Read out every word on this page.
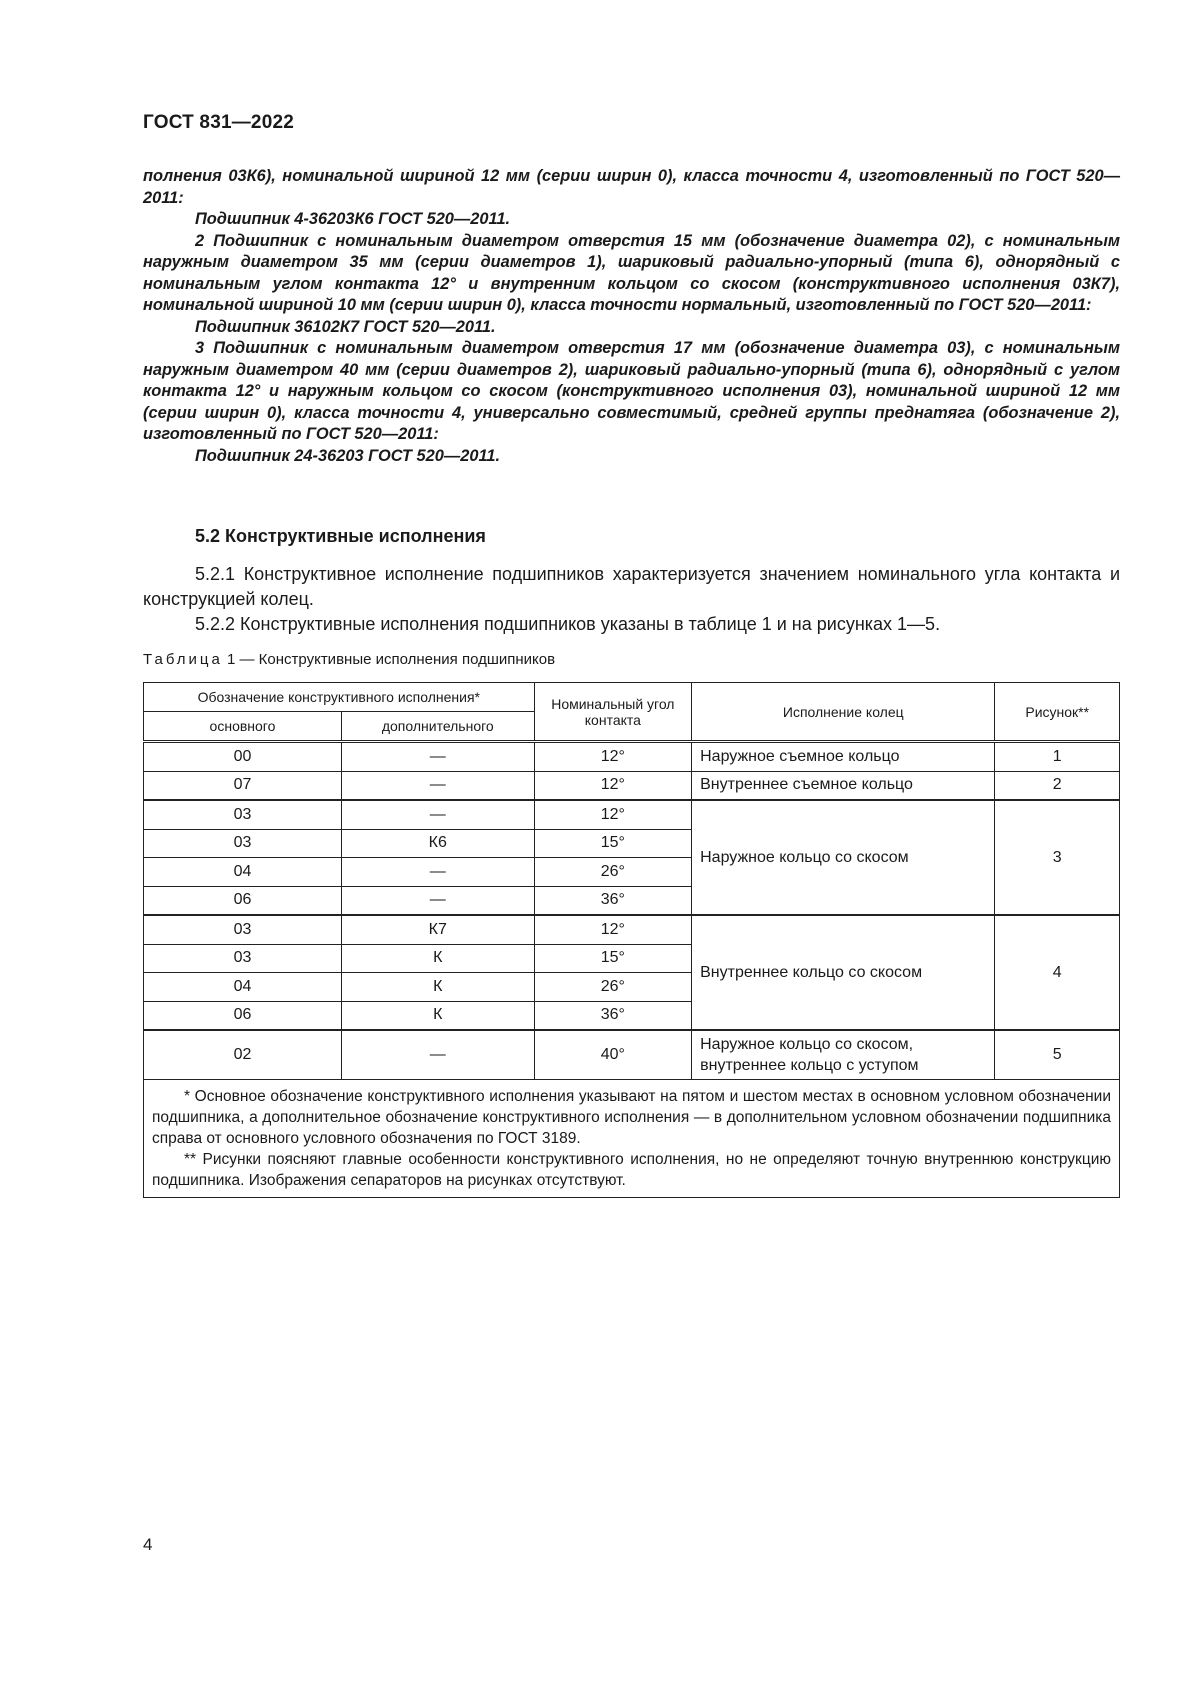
ГОСТ 831—2022

полнения 03К6), номинальной шириной 12 мм (серии ширин 0), класса точности 4, изготовленный по ГОСТ 520—2011:

Подшипник 4-36203К6 ГОСТ 520—2011.

2 Подшипник с номинальным диаметром отверстия 15 мм (обозначение диаметра 02), с номинальным наружным диаметром 35 мм (серии диаметров 1), шариковый радиально-упорный (типа 6), однорядный с номинальным углом контакта 12° и внутренним кольцом со скосом (конструктивного исполнения 03К7), номинальной шириной 10 мм (серии ширин 0), класса точности нормальный, изготовленный по ГОСТ 520—2011:

Подшипник 36102К7 ГОСТ 520—2011.

3 Подшипник с номинальным диаметром отверстия 17 мм (обозначение диаметра 03), с номинальным наружным диаметром 40 мм (серии диаметров 2), шариковый радиально-упорный (типа 6), однорядный с углом контакта 12° и наружным кольцом со скосом (конструктивного исполнения 03), номинальной шириной 12 мм (серии ширин 0), класса точности 4, универсально совместимый, средней группы преднатяга (обозначение 2), изготовленный по ГОСТ 520—2011:

Подшипник 24-36203 ГОСТ 520—2011.

5.2 Конструктивные исполнения

5.2.1 Конструктивное исполнение подшипников характеризуется значением номинального угла контакта и конструкцией колец.

5.2.2 Конструктивные исполнения подшипников указаны в таблице 1 и на рисунках 1—5.

Таблица 1 — Конструктивные исполнения подшипников
Обозначение конструктивного исполнения*		Номинальный угол контакта	Исполнение колец	Рисунок**
основного	дополнительного			
00	—	12°	Наружное съемное кольцо	1
07	—	12°	Внутреннее съемное кольцо	2
03	—	12°	Наружное кольцо со скосом	3
03	К6	15°		
04	—	26°		
06	—	36°		
03	К7	12°	Внутреннее кольцо со скосом	4
03	К	15°		
04	К	26°		
06	К	36°		
02	—	40°	Наружное кольцо со скосом,
внутреннее кольцо с уступом	5

* Основное обозначение конструктивного исполнения указывают на пятом и шестом местах в основном условном обозначении подшипника, а дополнительное обозначение конструктивного исполнения — в дополнительном условном обозначении подшипника справа от основного условного обозначения по ГОСТ 3189.

** Рисунки поясняют главные особенности конструктивного исполнения, но не определяют точную внутреннюю конструкцию подшипника. Изображения сепараторов на рисунках отсутствуют.				

4
